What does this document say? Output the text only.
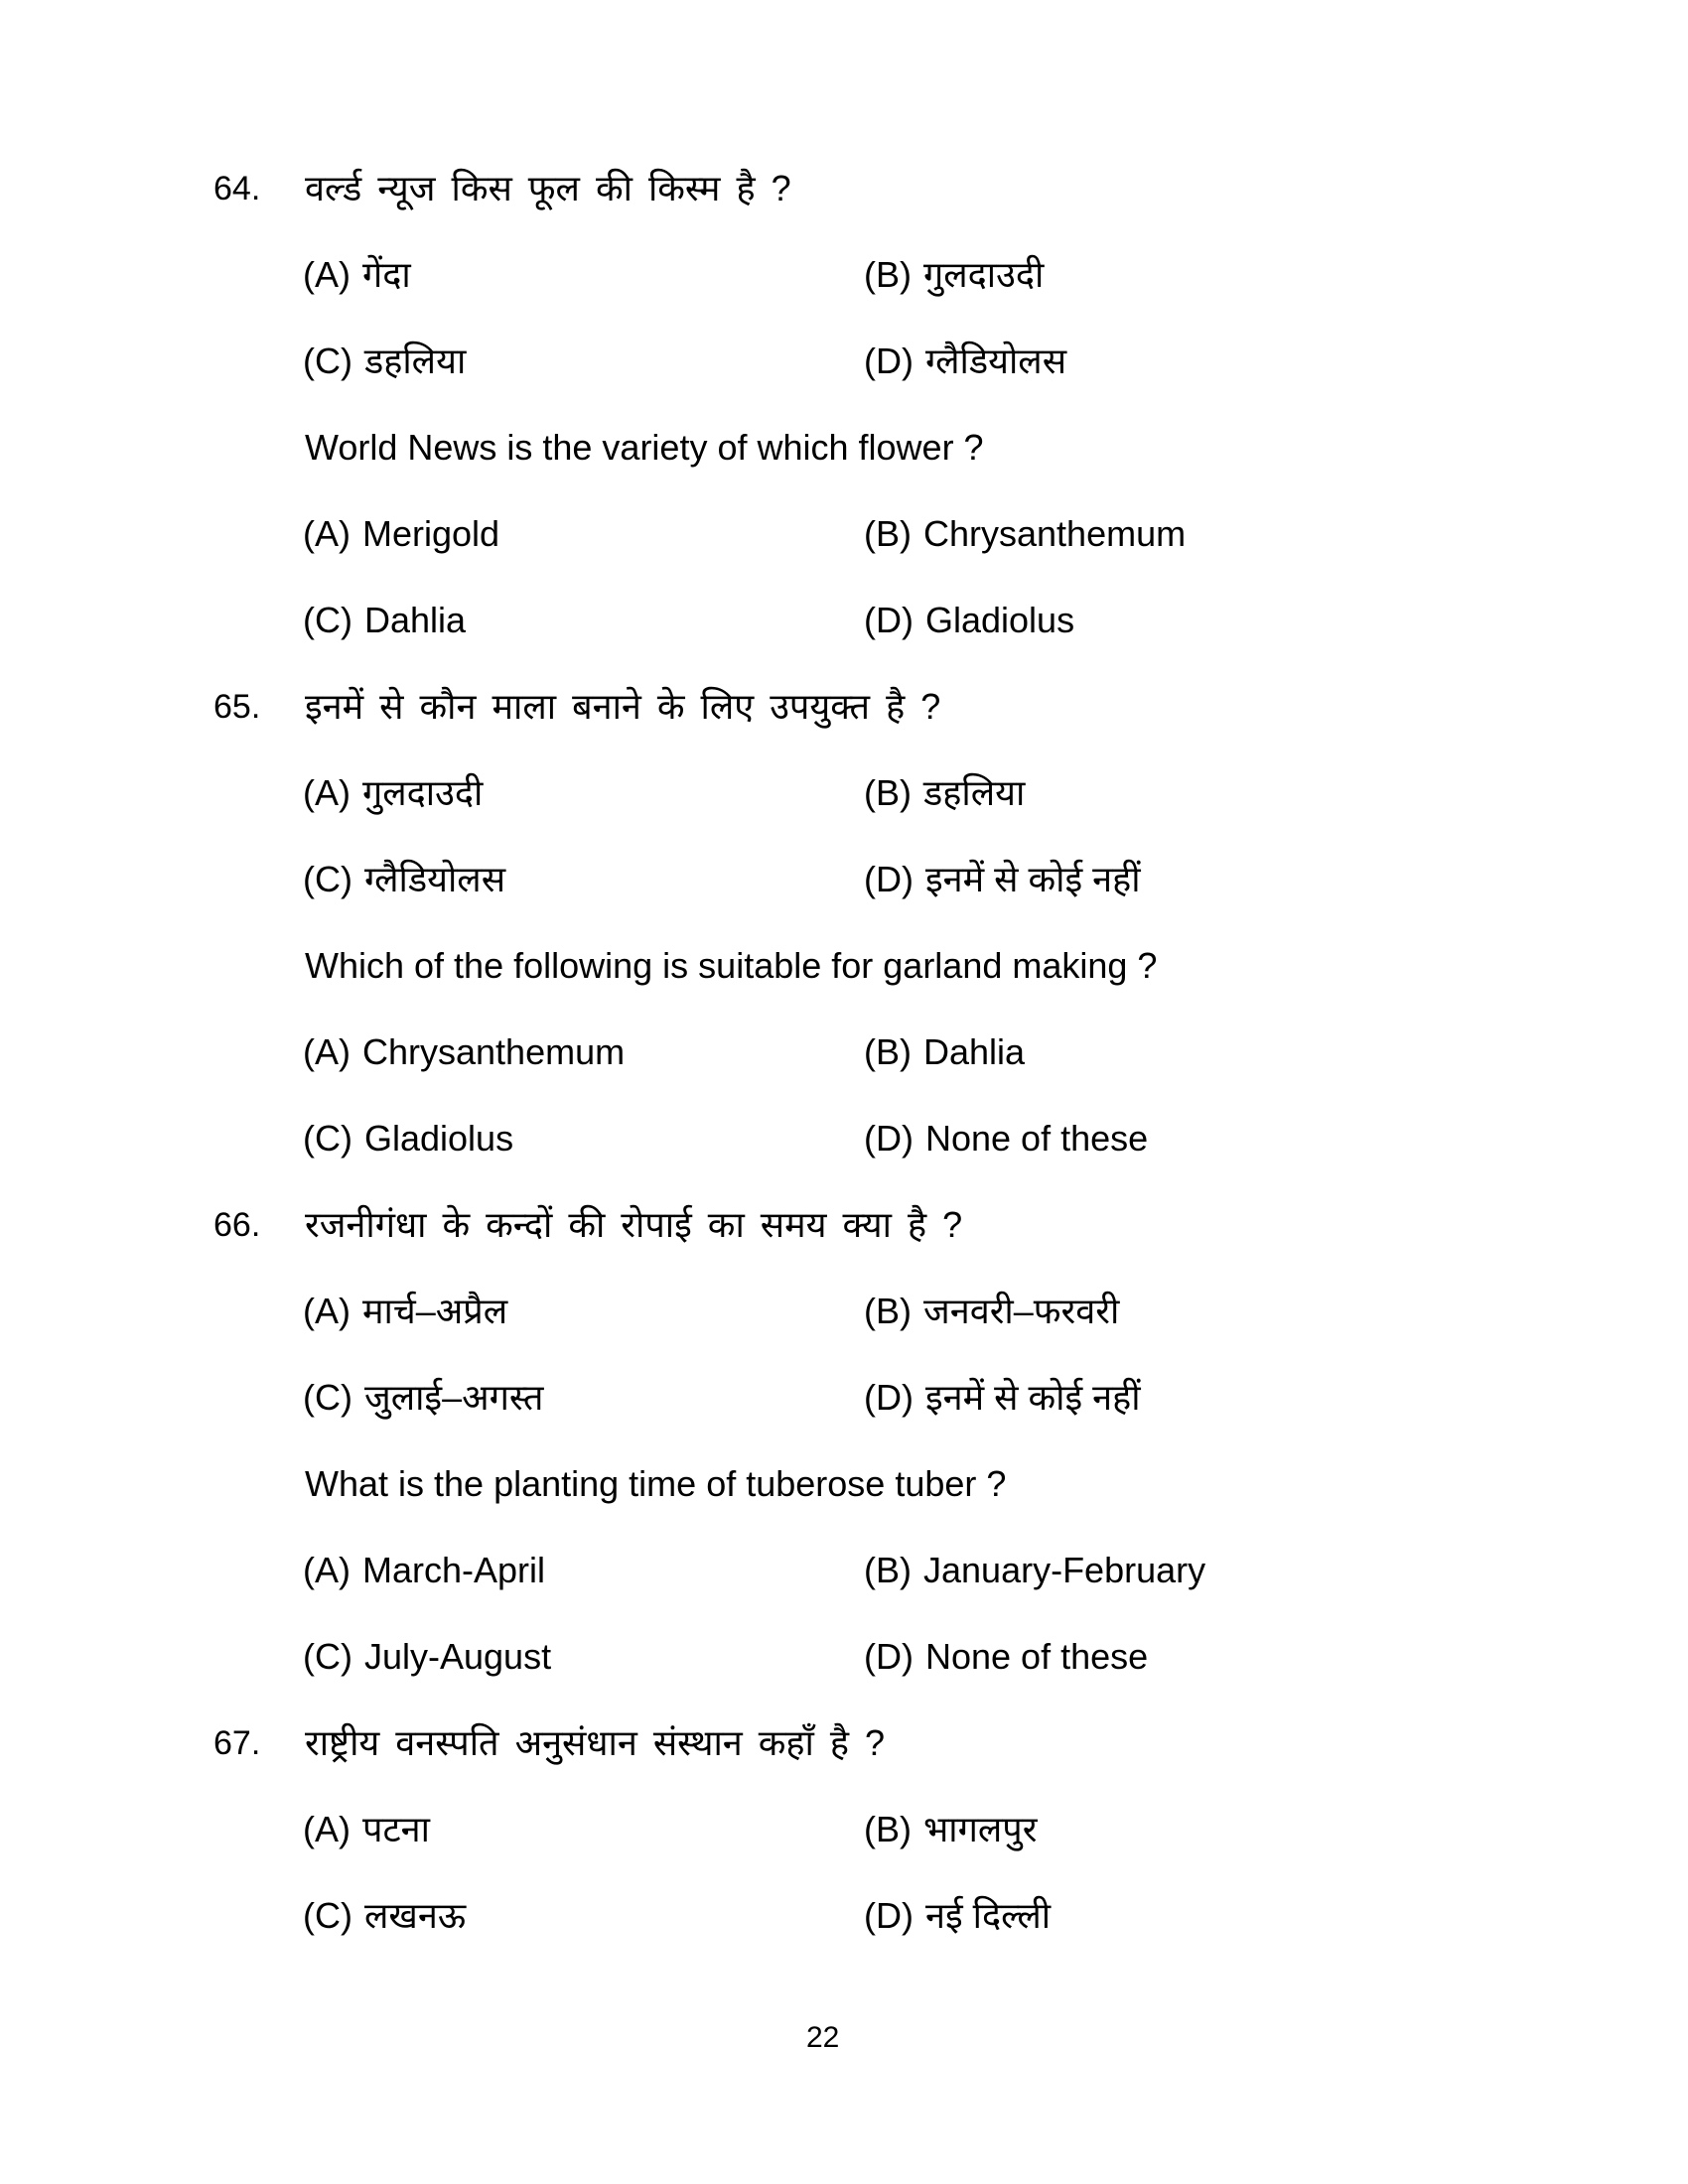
64.	वर्ल्ड न्यूज किस फूल की किस्म है ?
(A) गेंदा	(B) गुलदाउदी
(C) डहलिया	(D) ग्लैडियोलस
World News is the variety of which flower ?
(A) Merigold	(B) Chrysanthemum
(C) Dahlia	(D) Gladiolus
65.	इनमें से कौन माला बनाने के लिए उपयुक्त है ?
(A) गुलदाउदी	(B) डहलिया
(C) ग्लैडियोलस	(D) इनमें से कोई नहीं
Which of the following is suitable for garland making ?
(A) Chrysanthemum	(B) Dahlia
(C) Gladiolus	(D) None of these
66.	रजनीगंधा के कन्दों की रोपाई का समय क्या है ?
(A) मार्च–अप्रैल	(B) जनवरी–फरवरी
(C) जुलाई–अगस्त	(D) इनमें से कोई नहीं
What is the planting time of tuberose tuber ?
(A) March-April	(B) January-February
(C) July-August	(D) None of these
67.	राष्ट्रीय वनस्पति अनुसंधान संस्थान कहाँ है ?
(A) पटना	(B) भागलपुर
(C) लखनऊ	(D) नई दिल्ली
22
